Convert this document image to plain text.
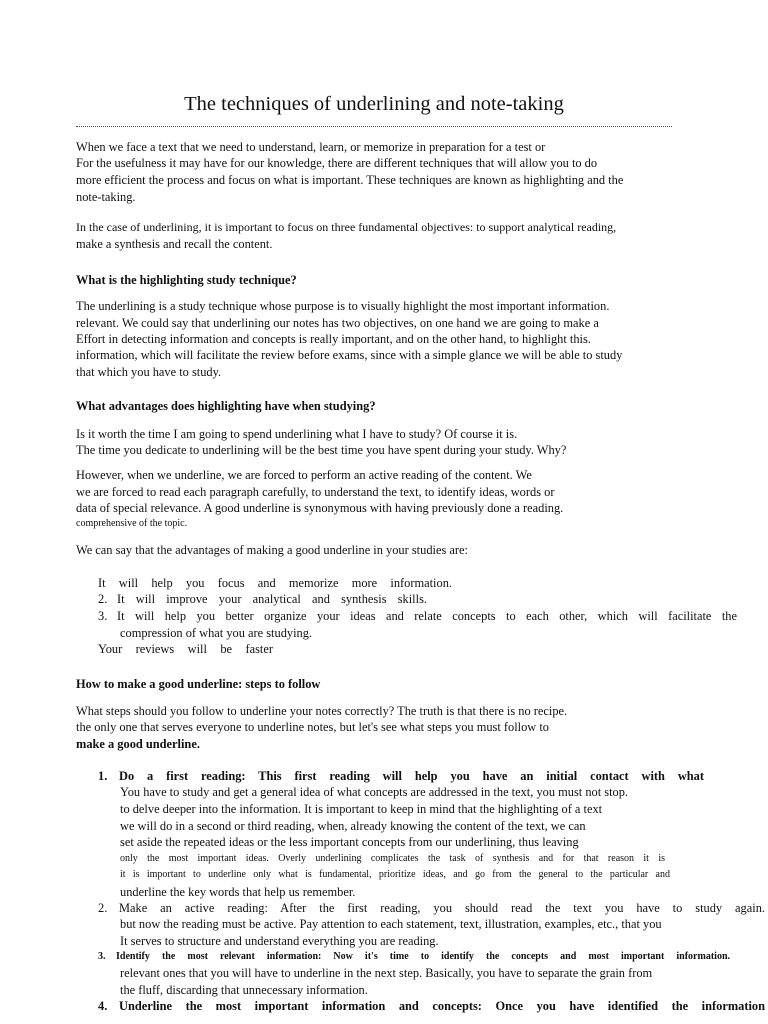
The techniques of underlining and note-taking
When we face a text that we need to understand, learn, or memorize in preparation for a test or
For the usefulness it may have for our knowledge, there are different techniques that will allow you to do
more efficient the process and focus on what is important. These techniques are known as highlighting and the
note-taking.
In the case of underlining, it is important to focus on three fundamental objectives: to support analytical reading,
make a synthesis and recall the content.
What is the highlighting study technique?
The underlining is a study technique whose purpose is to visually highlight the most important information.
relevant. We could say that underlining our notes has two objectives, on one hand we are going to make a
Effort in detecting information and concepts is really important, and on the other hand, to highlight this.
information, which will facilitate the review before exams, since with a simple glance we will be able to study
that which you have to study.
What advantages does highlighting have when studying?
Is it worth the time I am going to spend underlining what I have to study? Of course it is.
The time you dedicate to underlining will be the best time you have spent during your study. Why?
However, when we underline, we are forced to perform an active reading of the content. We
we are forced to read each paragraph carefully, to understand the text, to identify ideas, words or
data of special relevance. A good underline is synonymous with having previously done a reading.
comprehensive of the topic.
We can say that the advantages of making a good underline in your studies are:
It will help you focus and memorize more information.
2. It will improve your analytical and synthesis skills.
3. It will help you better organize your ideas and relate concepts to each other, which will facilitate the
compression of what you are studying.
Your reviews will be faster
How to make a good underline: steps to follow
What steps should you follow to underline your notes correctly? The truth is that there is no recipe.
the only one that serves everyone to underline notes, but let's see what steps you must follow to
make a good underline.
1. Do a first reading: This first reading will help you have an initial contact with what
You have to study and get a general idea of what concepts are addressed in the text, you must not stop.
to delve deeper into the information. It is important to keep in mind that the highlighting of a text
we will do in a second or third reading, when, already knowing the content of the text, we can
set aside the repeated ideas or the less important concepts from our underlining, thus leaving
only the most important ideas. Overly underlining complicates the task of synthesis and for that reason it is
it is important to underline only what is fundamental, prioritize ideas, and go from the general to the particular and
underline the key words that help us remember.
2. Make an active reading: After the first reading, you should read the text you have to study again.
but now the reading must be active. Pay attention to each statement, text, illustration, examples, etc., that you
It serves to structure and understand everything you are reading.
3. Identify the most relevant information: Now it's time to identify the concepts and most important information.
relevant ones that you will have to underline in the next step. Basically, you have to separate the grain from
the fluff, discarding that unnecessary information.
4. Underline the most important information and concepts: Once you have identified the information
